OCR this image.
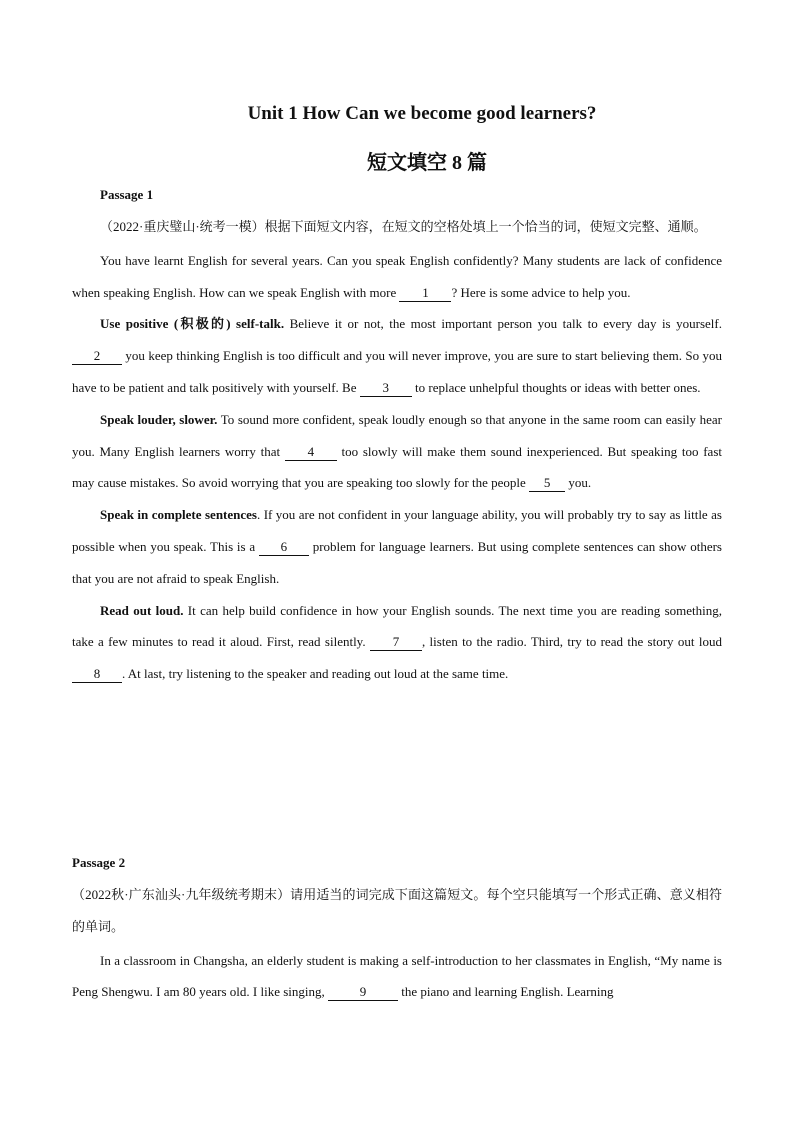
Unit 1 How Can we become good learners?
短文填空 8 篇
Passage 1

（2022·重庆璧山·统考一模）根据下面短文内容，在短文的空格处填上一个恰当的词，使短文完整、通顺。

You have learnt English for several years. Can you speak English confidently? Many students are lack of confidence when speaking English. How can we speak English with more 1 ? Here is some advice to help you.

Use positive (积极的) self-talk. Believe it or not, the most important person you talk to every day is yourself. 2 you keep thinking English is too difficult and you will never improve, you are sure to start believing them. So you have to be patient and talk positively with yourself. Be 3 to replace unhelpful thoughts or ideas with better ones.

Speak louder, slower. To sound more confident, speak loudly enough so that anyone in the same room can easily hear you. Many English learners worry that 4 too slowly will make them sound inexperienced. But speaking too fast may cause mistakes. So avoid worrying that you are speaking too slowly for the people 5 you.

Speak in complete sentences. If you are not confident in your language ability, you will probably try to say as little as possible when you speak. This is a 6 problem for language learners. But using complete sentences can show others that you are not afraid to speak English.

Read out loud. It can help build confidence in how your English sounds. The next time you are reading something, take a few minutes to read it aloud. First, read silently. 7 , listen to the radio. Third, try to read the story out loud 8 . At last, try listening to the speaker and reading out loud at the same time.

Passage 2

（2022秋·广东汕头·九年级统考期末）请用适当的词完成下面这篇短文。每个空只能填写一个形式正确、意义相符的单词。

In a classroom in Changsha, an elderly student is making a self-introduction to her classmates in English, “My name is Peng Shengwu. I am 80 years old. I like singing, 9 the piano and learning English. Learning
